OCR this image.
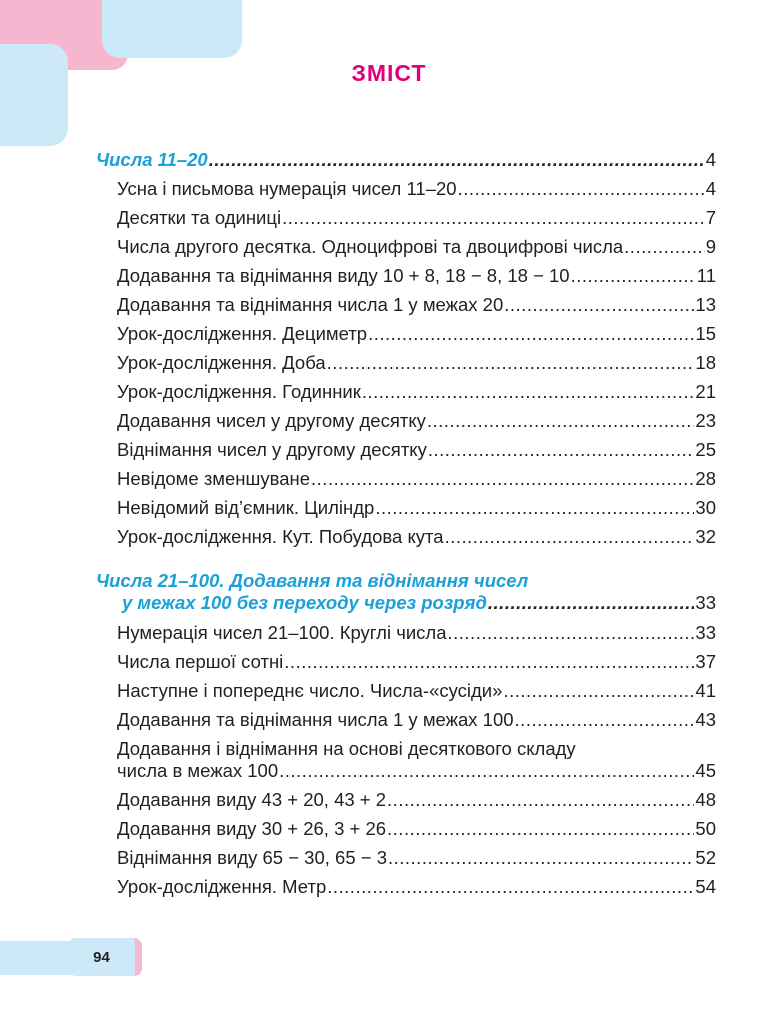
ЗМІСТ
Числа 11–20 .....	4
Усна і письмова нумерація чисел 11–20 .....	4
Десятки та одиниці .....	7
Числа другого десятка. Одноцифрові та двоцифрові числа .....	9
Додавання та віднімання виду 10 + 8, 18 − 8, 18 − 10 .....	11
Додавання та віднімання числа 1 у межах 20 .....	13
Урок-дослідження. Дециметр .....	15
Урок-дослідження. Доба .....	18
Урок-дослідження. Годинник .....	21
Додавання чисел у другому десятку .....	23
Віднімання чисел у другому десятку .....	25
Невідоме зменшуване .....	28
Невідомий від’ємник. Циліндр .....	30
Урок-дослідження. Кут. Побудова кута .....	32
Числа 21–100. Додавання та віднімання чисел
у межах 100 без переходу через розряд .....	33
Нумерація чисел 21–100. Круглі числа .....	33
Числа першої сотні .....	37
Наступне і попереднє число. Числа-«сусіди» .....	41
Додавання та віднімання числа 1 у межах 100 .....	43
Додавання і віднімання на основі десяткового складу
числа в межах 100 .....	45
Додавання виду 43 + 20, 43 + 2 .....	48
Додавання виду 30 + 26, 3 + 26 .....	50
Віднімання виду 65 − 30, 65 − 3 .....	52
Урок-дослідження. Метр .....	54
94
